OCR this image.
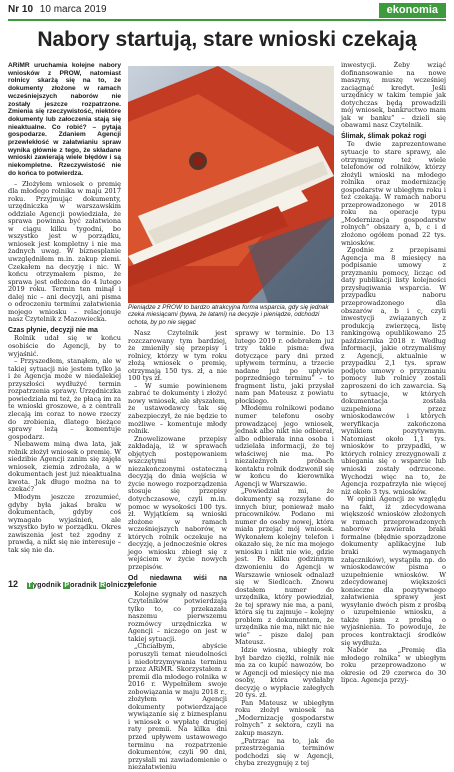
Nr 10 10 marca 2019	ekonomia
Nabory startują, stare wnioski czekają

ARiMR uruchamia kolejne nabory wniosków z PROW, natomiast rolnicy skarżą się na to, że dokumenty złożone w ramach wcześniejszych naborów nie zostały jeszcze rozpatrzone. Zmienia się rzeczywistość, niektóre dokumenty lub załoczenia stają się nieaktualne. Co robić? – pytają gospodarze. Zdaniem Agencji przewlekłość w załatwianiu spraw wynika głównie z tego, że składane wnioski zawierają wiele błędów i są niekompletne. Rzeczywistość nie do końca to potwierdza.

– Złożyłem wniosek o premię dla młodego rolnika w maju 2017 roku. Przyjmując dokumenty, urzędniczka w warszawskim oddziale Agencji powiedziała, że sprawa powinna być załatwiona w ciągu kilku tygodni, bo wszystko jest w porządku, wniosek jest kompletny i nie ma żadnych uwag. W biznesplanie uwzględniłem m.in. zakup ziemi. Czekałem na decyzję i nic. W końcu otrzymałem pismo, że sprawa jest odłożona do 4 lutego 2019 roku. Termin ten minął i dalej nic – ani decyzji, ani pisma o odroczeniu terminu załatwienia mojego wniosku – relacjonuje nasz Czytelnik z Mazowiecka.

Czas płynie, decyzji nie ma

Rolnik udał się w końcu osobiście do Agencji, by to wyjaśnić.

– Przyszedłem, stanąłem, ale w takiej sytuacji nie jestem tylko ja i że Agencja może w niedalekiej przyszłości wydłużyć termin rozpatrzenia sprawy. Urzędniczka powiedziała mi też, że płacą im za te wnioski groszowe, a z centrali zlecają im coraz to nowe rzeczy do zrobienia, dlatego bieżące sprawy leżą – komentuje gospodarz.

Niebawem miną dwa lata, jak rolnik złożył wniosek o premię. W siedzibie Agencji zanim się zajęła wniosek, ziemia zdrożała, a w dokumentach jest już nieaktualna kwota. Jak długo można na to czekać?

Młodym jeszcze zrozumieć, gdyby była jakaś braku w dokumentach, gdyby coś wymagało wyjaśnień, ale wszystko było w porządku. Okres zawiszenia jest też zgodny z prawdą, a nikt się nie interesuje – tak się nie da.

Pieniądze z PROW to bardzo atrakcyjna forma wsparcia, gdy się jednak czeka miesiącami (bywa, że latami) na decyzje i pieniądze, odchodzi ochota, by po nie sięgać

Nasz Czytelnik jest rozczarowany tym bardziej, że zmieniły się przepisy i rolnicy, którzy w tym roku złożą wniosek o premię, otrzymają 150 tys. zł, a nie 100 tys zł.

– W sumie powinienem zabrać te dokumenty i złożyć nowy wniosek, ale słyszałem, że ustawodawcy tak się zabezpieczył, że nie będzie to możliwe – komentuje młody rolnik.

Znowelizowane przepisy zakładają, iż w sprawach objętych postępowaniem wszczętymi i niezakończonymi ostateczną decyzją do dnia wejścia w życie nowego rozporządzenia stosuje się przepisy dotychczasowe, czyli m.in. pomoc w wysokości 100 tys. zł. Wyjątkiem są wnioski złożone w ramach wcześniejszych naborów, w których rolnik oczekuje na decyzję, a jednocześnie okres jego wniosku zbiegł się z wejściem w życie nowych przepisów.

Od niedawna wiśi na telefonie

Kolejne sygnały od naszych Czytelników potwierdzają tylko to, co przekazała naszemu pierwszemu rozmówcy urzędniczka w Agencji – niczego on jest w takiej sytuacji.

„Chciałbym, abyście poruszyli temat nieudolności i niedotrzymywania terminu przez ARiMR. Skorzystałem z premii dla młodego rolnika w 2016 r. Wypełniłem swoje zobowiązania w maju 2018 r., złożyłem w Agencji dokumenty potwierdzające wywiązanie się z biznesplanu i wniosek o wypłatę drugiej raty premii. Na kilka dni przed upływem ustawowego terminu na rozpatrzenie dokumentów, czyli 90 dni, przysłali mi zawiadomienie o niezałatwieniu

sprawy w terminie. Do 13 lutego 2019 r. odebrałem już trzy takie pisma: dwa dotyczące pary dni przed upływem terminu, a trzecie nadane już po upływie poprzedniego terminu” – to fragment listu, jaki przysłał nam pan Mateusz z powiatu płockiego.

Młodemu rolnikowi podano numer telefonu osoby prowadzącej jego wniosek, jednak albo nikt nie odbierał, albo odbierała inna osoba i udzielała informacji, że tej właściwej nie ma. Po niezależnych próbach kontaktu rolnik dodzwonił się w końcu do kierownika Agencji w Warszawie.

„Powiedział mi, że dokumenty są rozsyłane do innych biur, ponieważ mało pracowników. Podano mi numer do osoby nowej, która miała przejąć mój wniosek. Wykonałem kolejny telefon i okazało się, że nic ma mojego wniosku i nikt nie wie, gdzie jest. Po kilku godzinnym dzwonieniu do Agencji w Warszawie wniosek odnalazł się w Siedlcach. Znowu dostałem numer do urzędnika, który powiedział, że tej sprawy nie ma, a pani, która się tu zajmuje – kolejny problem z dokumentem, że urzędnika nie ma, nikt nic nie wie” – pisze dalej pan Mateusz.

Idzie wiosna, ubiegły rok był bardzo ciężki, rolnik nie ma za co kupić nawozów, bo w Agencji od miesięcy nie ma osoby, która wydałaby decyzję o wypłacie załegłych 20 tys. zł.

Pan Mateusz w ubiegłym roku złożył wniosek na „Modernizację gospodarstw rolnych” z sektora, czyli na zakup maszyn.

„Patrząc na to, jak de przestrzegania terminów podchodzi się w Agencji, chyba zrezygnuję z tej

inwestycji. Żeby wziąć dofinansowanie na nowe maszyny, muszę wcześniej zaciągnąć kredyt. Jeśli urzędnicy w takim tempie jak dotychczas będą prowadzili mój wniosek, bankructwo mam jak w banku” – dzieli się obawami nasz Czytelnik.

Ślimak, ślimak pokaż rogi

Te dwie zaprezentowane sytuacje to stare sprawy, ale otrzymujemy też wiele telefonów od rolników, którzy złożyli wnioski na młodego rolnika oraz modernizację gospodarstw w ubiegłym roku i też czekają. W ramach naboru przeprowadzonego w 2018 roku na operacje typu „Modernizacja gospodarstw rolnych” obszary a, b, c i d złożono ogółem ponad 22 tys. wniosków.

Zgodnie z przepisami Agencja ma 8 miesięcy na podpisanie umowy z przyznaniu pomocy, licząc od daty publikacji listy kolejności przysługiwania wsparcia. W przypadku naboru przeprowadzonego dla obszarów a, b i c, czyli inwestycji związanych z produkcją zwierzęcą, listę rankingową opublikowano 25 października 2018 r. Według informacji, jakie otrzymaliśmy z Agencji, aktualnie w przypadku 2,1 tys. spraw podjęto umowy o przyznaniu pomocy lub rolnicy zostali zaproszeni do ich zawarcia. Są to sytuacje, w których dokumentacja została uzupełniona przez wnioskodawców i których weryfikacja zakończona wynikiem pozytywnym. Natomiast około 1,1 tys. wniosków to przypadki, w których rolnicy zrezygnowali z ubiegania się o wsparcie lub wnioski zostały odrzucone. Wychodzi więc na to, że Agencja rozpatrzyła nie więcej niż około 3 tys. wniosków.

W opinii Agencji ze względu na fakt, iż zdecydowana większość wniosków złożonych w ramach przeprowadzonych naborów zawierała braki formalne (błędnie sporządzone dokumenty aplikacyjne lub braki wymaganych załączników), wystąpiła np. do wnioskodawców pisma o uzupełnienie wniosków. W zdecydowanej większości konieczne dla pozytywnego załatwienia sprawy jest wysyłanie dwóch pism z prośbą o uzupełnienie wniosku, a także pism z prośbą o wyjaśnienia. To powoduje, że proces kontraktacji środków się wydłuża.

Nabór na „Premię dla młodego rolnika” w ubiegłym roku przeprowadzono w okresie od 29 czerwca do 30 lipca. Agencja przyj-

12 Tygodnik Poradnik Rolniczy
